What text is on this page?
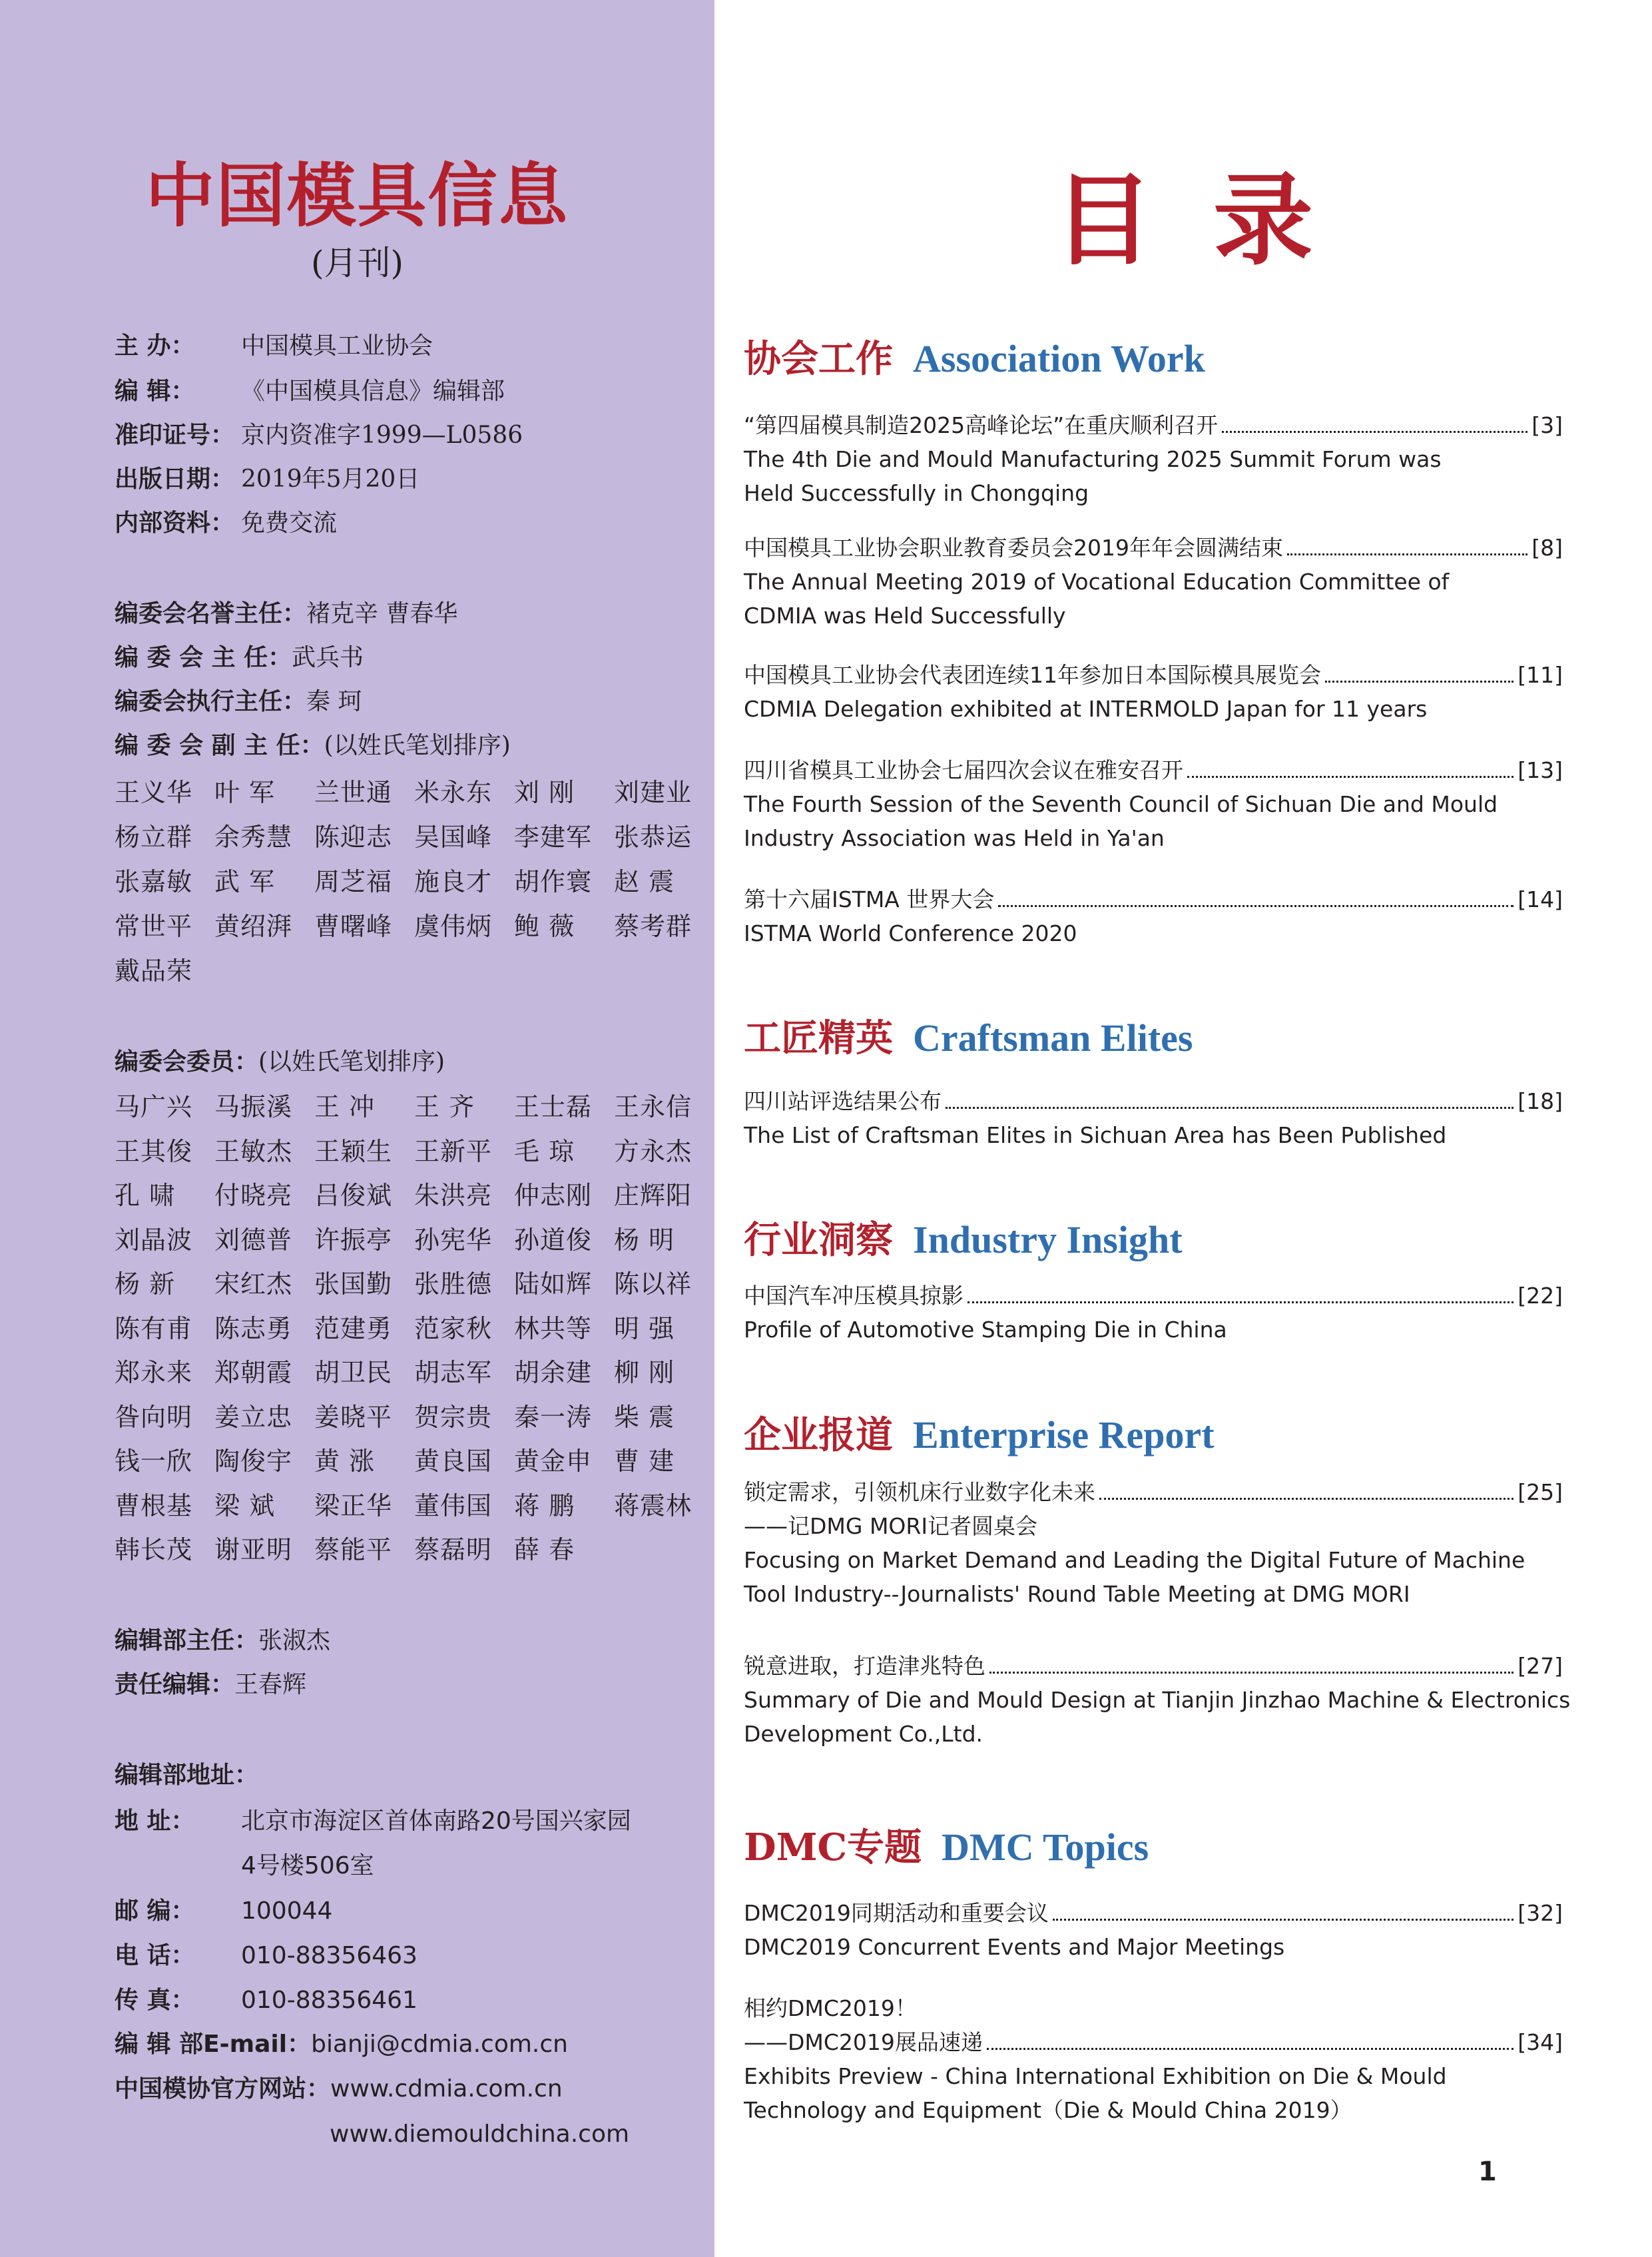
中国模具信息
(月刊)
主 办： 中国模具工业协会
编 辑： 《中国模具信息》编辑部
准印证号： 京内资准字1999—L0586
出版日期： 2019年5月20日
内部资料： 免费交流
编委会名誉主任：褚克辛 曹春华
编 委 会 主 任：武兵书
编委会执行主任：秦 珂
编 委 会 副 主 任：(以姓氏笔划排序)
王义华 叶 军 兰世通 米永东 刘 刚 刘建业
杨立群 余秀慧 陈迎志 吴国峰 李建军 张恭运
张嘉敏 武 军 周芝福 施良才 胡作寰 赵 震
常世平 黄绍湃 曹曙峰 虞伟炳 鲍 薇 蔡考群
戴品荣
编委会委员：(以姓氏笔划排序)
马广兴 马振溪 王 冲 王 齐 王士磊 王永信
王其俊 王敏杰 王颖生 王新平 毛 琼 方永杰
孔 啸 付晓亮 吕俊斌 朱洪亮 仲志刚 庄辉阳
刘晶波 刘德普 许振亭 孙宪华 孙道俊 杨 明
杨 新 宋红杰 张国勤 张胜德 陆如辉 陈以祥
陈有甫 陈志勇 范建勇 范家秋 林共等 明 强
郑永来 郑朝霞 胡卫民 胡志军 胡余建 柳 刚
昝向明 姜立忠 姜晓平 贺宗贵 秦一涛 柴 震
钱一欣 陶俊宇 黄 涨 黄良国 黄金申 曹 建
曹根基 梁 斌 梁正华 董伟国 蒋 鹏 蒋震林
韩长茂 谢亚明 蔡能平 蔡磊明 薛 春
编辑部主任：张淑杰
责任编辑：王春辉
编辑部地址：
地 址： 北京市海淀区首体南路20号国兴家园
4号楼506室
邮 编： 100044
电 话： 010-88356463
传 真： 010-88356461
编 辑 部E-mail：bianji@cdmia.com.cn
中国模协官方网站：www.cdmia.com.cn
www.diemouldchina.com
目录
协会工作 Association Work
“第四届模具制造2025高峰论坛”在重庆顺利召开	[3]
The 4th Die and Mould Manufacturing 2025 Summit Forum was
Held Successfully in Chongqing
中国模具工业协会职业教育委员会2019年年会圆满结束	[8]
The Annual Meeting 2019 of Vocational Education Committee of
CDMIA was Held Successfully
中国模具工业协会代表团连续11年参加日本国际模具展览会	[11]
CDMIA Delegation exhibited at INTERMOLD Japan for 11 years
四川省模具工业协会七届四次会议在雅安召开	[13]
The Fourth Session of the Seventh Council of Sichuan Die and Mould
Industry Association was Held in Ya'an
第十六届ISTMA 世界大会	[14]
ISTMA World Conference 2020
工匠精英 Craftsman Elites
四川站评选结果公布	[18]
The List of Craftsman Elites in Sichuan Area has Been Published
行业洞察 Industry Insight
中国汽车冲压模具掠影	[22]
Profile of Automotive Stamping Die in China
企业报道 Enterprise Report
锁定需求，引领机床行业数字化未来	[25]
——记DMG MORI记者圆桌会
Focusing on Market Demand and Leading the Digital Future of Machine
Tool Industry--Journalists' Round Table Meeting at DMG MORI
锐意进取，打造津兆特色	[27]
Summary of Die and Mould Design at Tianjin Jinzhao Machine & Electronics
Development Co.,Ltd.
DMC专题 DMC Topics
DMC2019同期活动和重要会议	[32]
DMC2019 Concurrent Events and Major Meetings
相约DMC2019！
——DMC2019展品速递	[34]
Exhibits Preview - China International Exhibition on Die & Mould
Technology and Equipment（Die & Mould China 2019）
1
